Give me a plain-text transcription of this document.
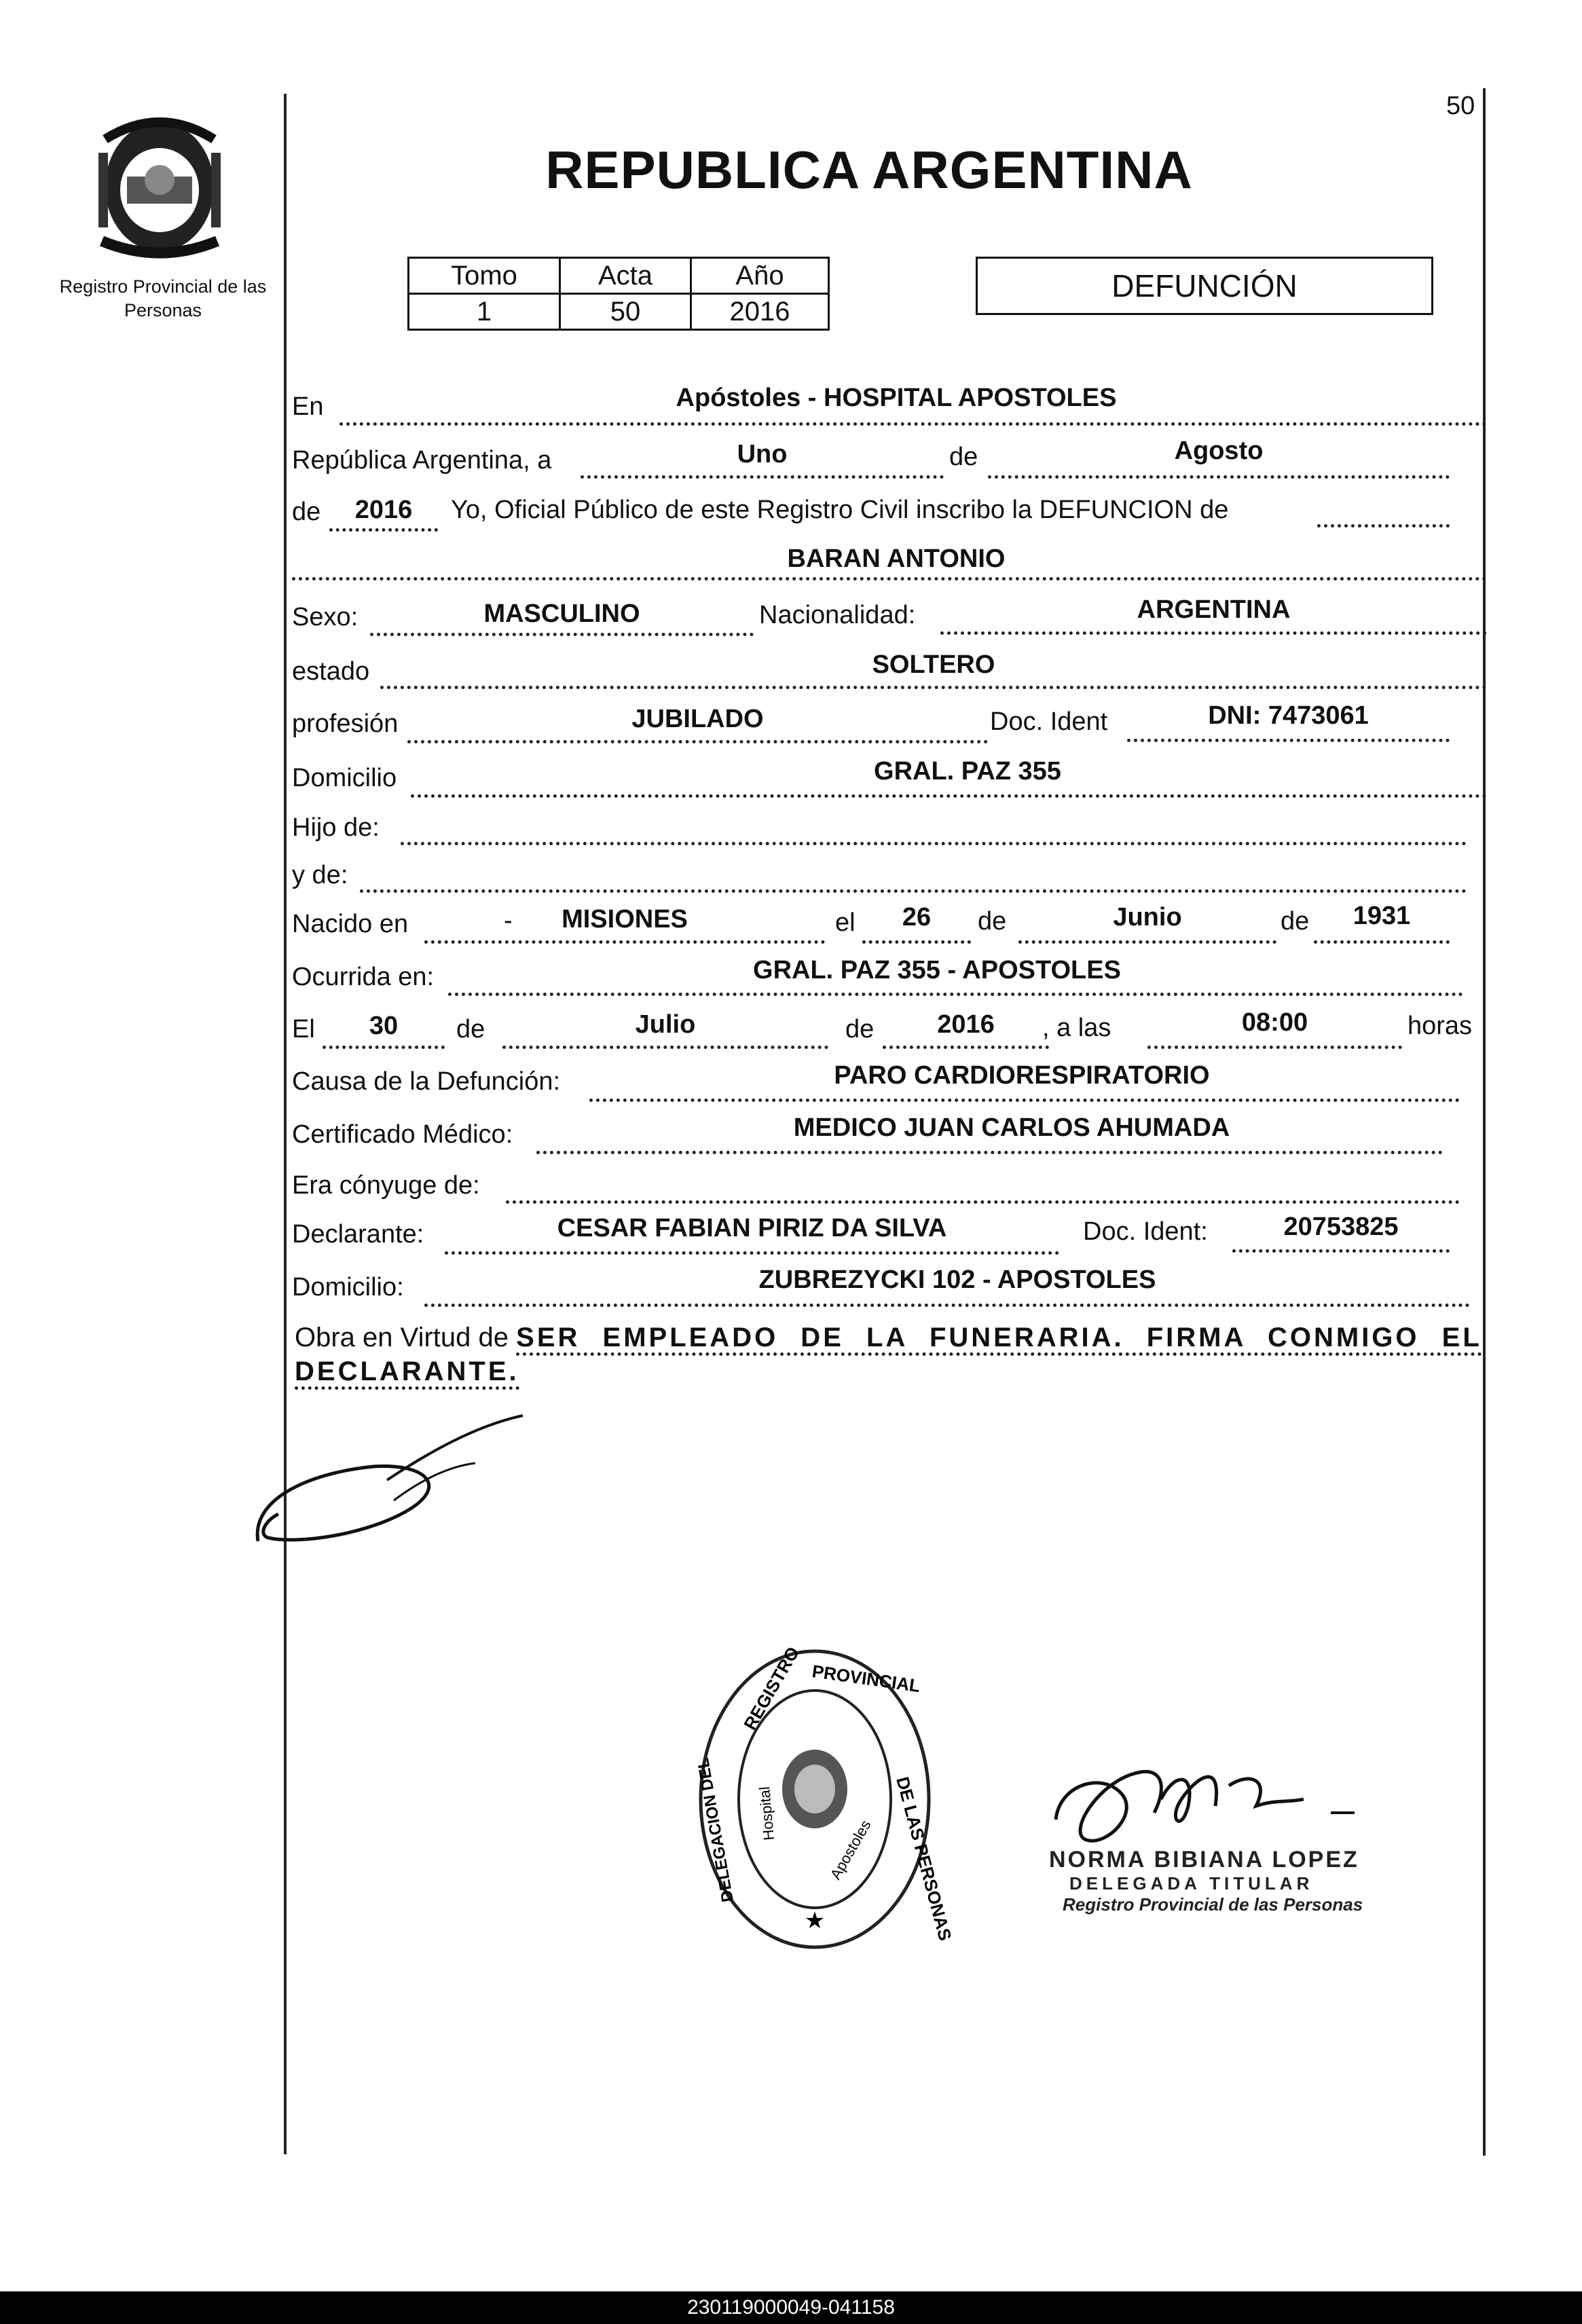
Registro Provincial de las Personas
50
REPUBLICA ARGENTINA
Tomo	Acta	Año
1	50	2016
DEFUNCIÓN
En	Apóstoles - HOSPITAL APOSTOLES
República Argentina, a	Uno	de	Agosto
de	2016	Yo, Oficial Público de este Registro Civil inscribo la DEFUNCION de
BARAN ANTONIO
Sexo:	MASCULINO	Nacionalidad:	ARGENTINA
estado	SOLTERO
profesión	JUBILADO	Doc. Ident	DNI: 7473061
Domicilio	GRAL. PAZ 355
Hijo de:
y de:
Nacido en	-	MISIONES	el	26	de	Junio	de	1931
Ocurrida en:	GRAL. PAZ 355 - APOSTOLES
El	30	de	Julio	de	2016	, a las	08:00	horas
Causa de la Defunción:	PARO CARDIORESPIRATORIO
Certificado Médico:	MEDICO JUAN CARLOS AHUMADA
Era cónyuge de:
Declarante:	CESAR FABIAN PIRIZ DA SILVA	Doc. Ident:	20753825
Domicilio:	ZUBREZYCKI 102 - APOSTOLES
Obra en Virtud de SER EMPLEADO DE LA FUNERARIA. FIRMA CONMIGO EL DECLARANTE.
★
REGISTRO PROVINCIAL
DE LAS PERSONAS
DELEGACION DEL Hospital
Apostoles	NORMA BIBIANA LOPEZ
DELEGADA TITULAR
Registro Provincial de las Personas
230119000049-041158
